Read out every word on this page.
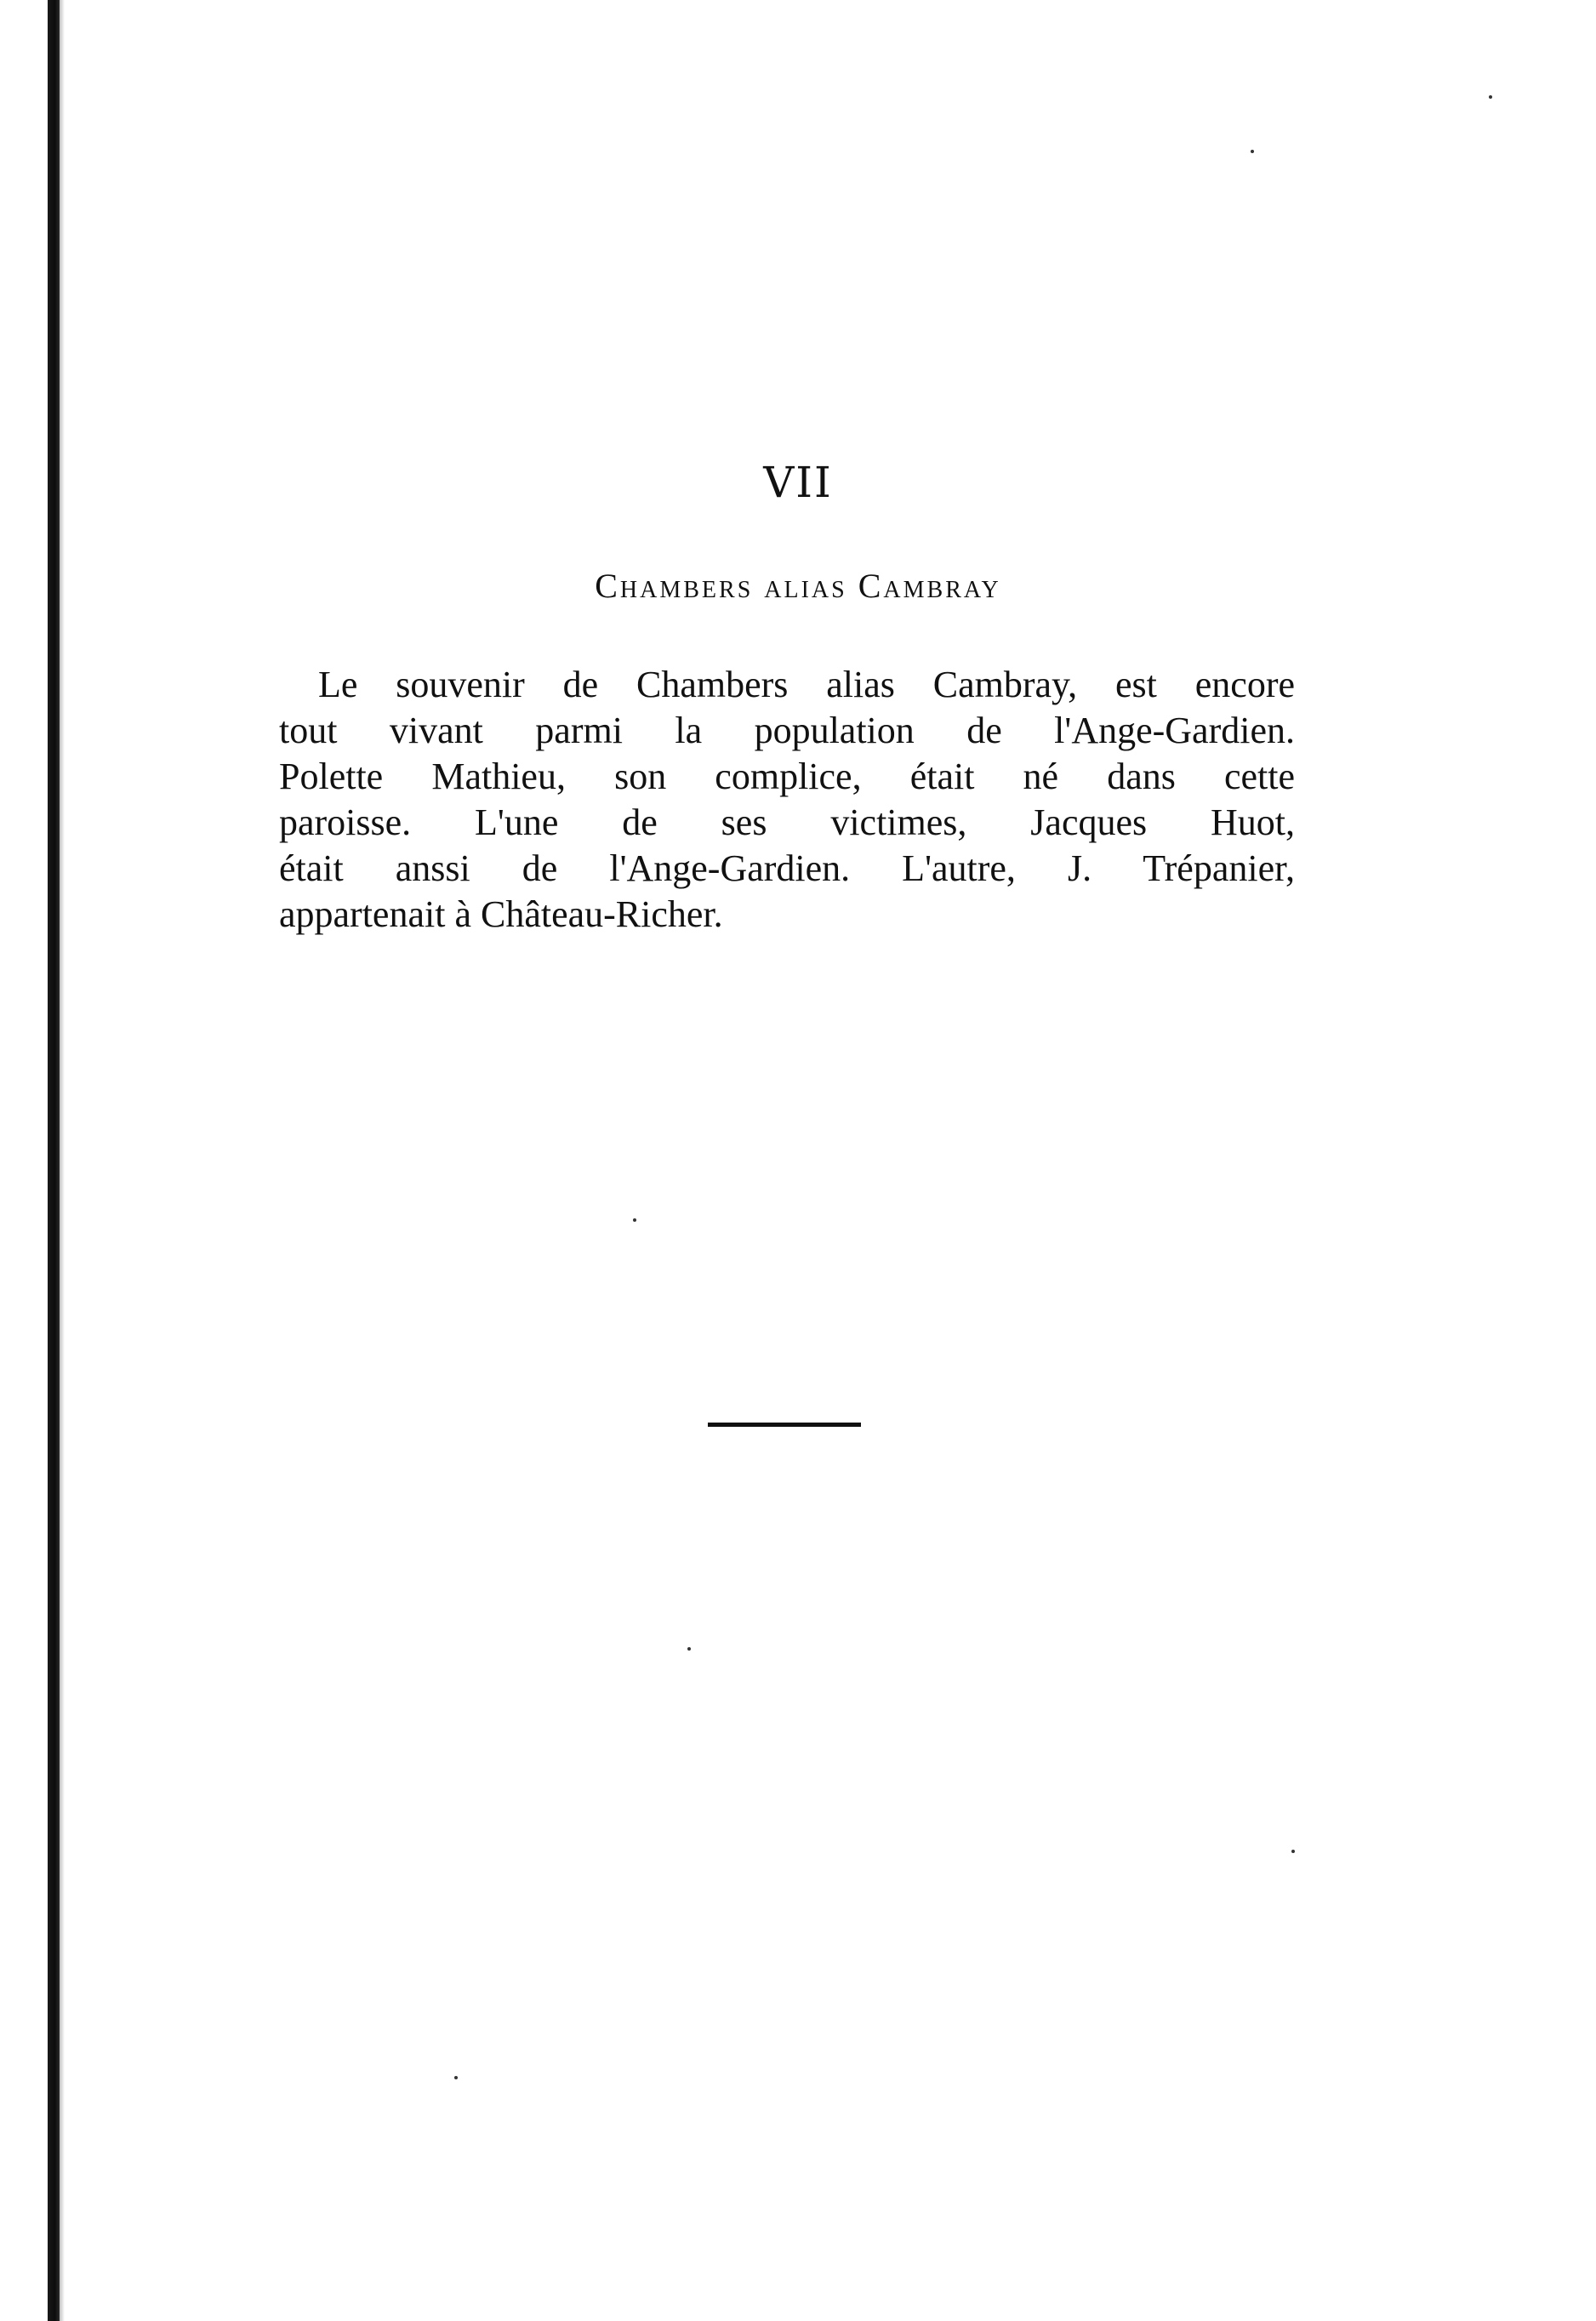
VII
Chambers alias Cambray
Le souvenir de Chambers alias Cambray, est encore
tout vivant parmi la population de l'Ange-Gardien.
Polette Mathieu, son complice, était né dans cette
paroisse. L'une de ses victimes, Jacques Huot,
était anssi de l'Ange-Gardien. L'autre, J. Trépanier,
appartenait à Château-Richer.
